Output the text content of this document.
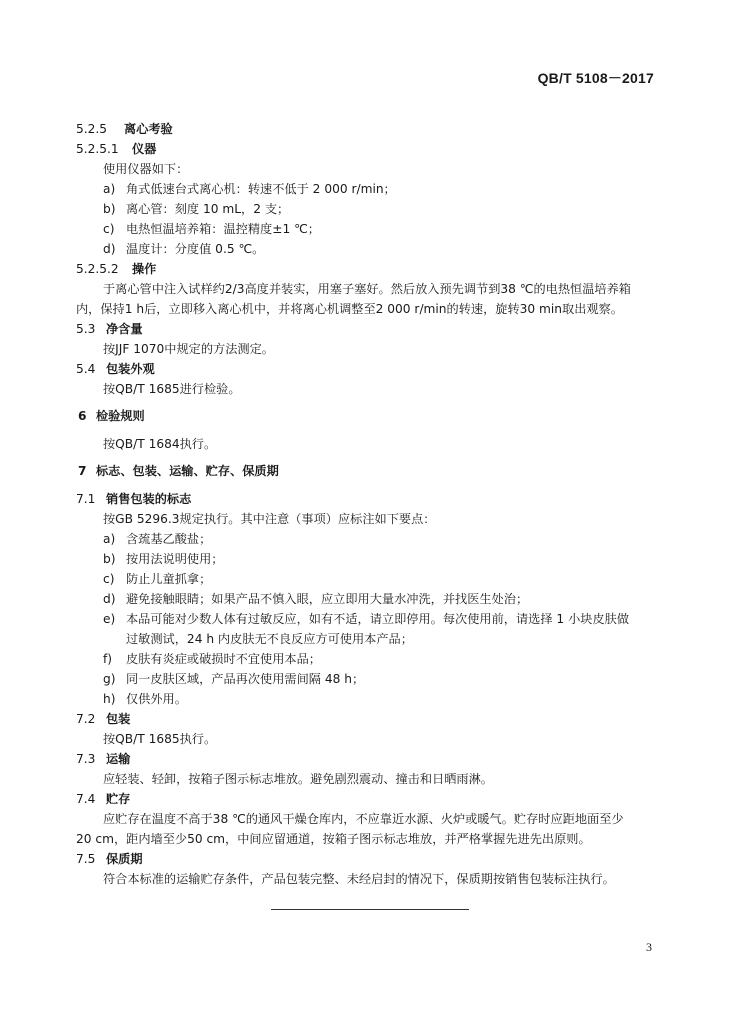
QB/T 5108－2017
5.2.5 离心考验
5.2.5.1 仪器
使用仪器如下：
a) 角式低速台式离心机：转速不低于 2 000 r/min；
b) 离心管：刻度 10 mL，2 支；
c) 电热恒温培养箱：温控精度±1 ℃；
d) 温度计：分度值 0.5 ℃。
5.2.5.2 操作
于离心管中注入试样约2/3高度并装实，用塞子塞好。然后放入预先调节到38 ℃的电热恒温培养箱
内，保持1 h后，立即移入离心机中，并将离心机调整至2 000 r/min的转速，旋转30 min取出观察。
5.3 净含量
按JJF 1070中规定的方法测定。
5.4 包装外观
按QB/T 1685进行检验。
6 检验规则
按QB/T 1684执行。
7 标志、包装、运输、贮存、保质期
7.1 销售包装的标志
按GB 5296.3规定执行。其中注意（事项）应标注如下要点：
a) 含巯基乙酸盐；
b) 按用法说明使用；
c) 防止儿童抓拿；
d) 避免接触眼睛；如果产品不慎入眼，应立即用大量水冲洗，并找医生处治；
e) 本品可能对少数人体有过敏反应，如有不适，请立即停用。每次使用前，请选择 1 小块皮肤做
过敏测试，24 h 内皮肤无不良反应方可使用本产品；
f) 皮肤有炎症或破损时不宜使用本品；
g) 同一皮肤区域，产品再次使用需间隔 48 h；
h) 仅供外用。
7.2 包装
按QB/T 1685执行。
7.3 运输
应轻装、轻卸，按箱子图示标志堆放。避免剧烈震动、撞击和日晒雨淋。
7.4 贮存
应贮存在温度不高于38 ℃的通风干燥仓库内，不应靠近水源、火炉或暖气。贮存时应距地面至少
20 cm，距内墙至少50 cm，中间应留通道，按箱子图示标志堆放，并严格掌握先进先出原则。
7.5 保质期
符合本标准的运输贮存条件，产品包装完整、未经启封的情况下，保质期按销售包装标注执行。
3
